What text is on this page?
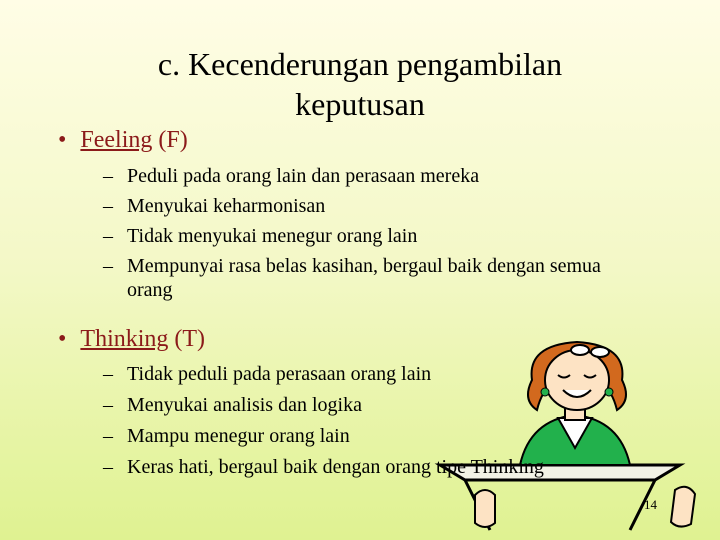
c. Kecenderungan pengambilan
keputusan
• Feeling (F)
– Peduli pada orang lain dan perasaan mereka
– Menyukai keharmonisan
– Tidak menyukai menegur orang lain
– Mempunyai rasa belas kasihan, bergaul baik dengan semua orang
• Thinking (T)
– Tidak peduli pada perasaan orang lain
– Menyukai analisis dan logika
– Mampu menegur orang lain
– Keras hati, bergaul baik dengan orang tipe Thinking
14
